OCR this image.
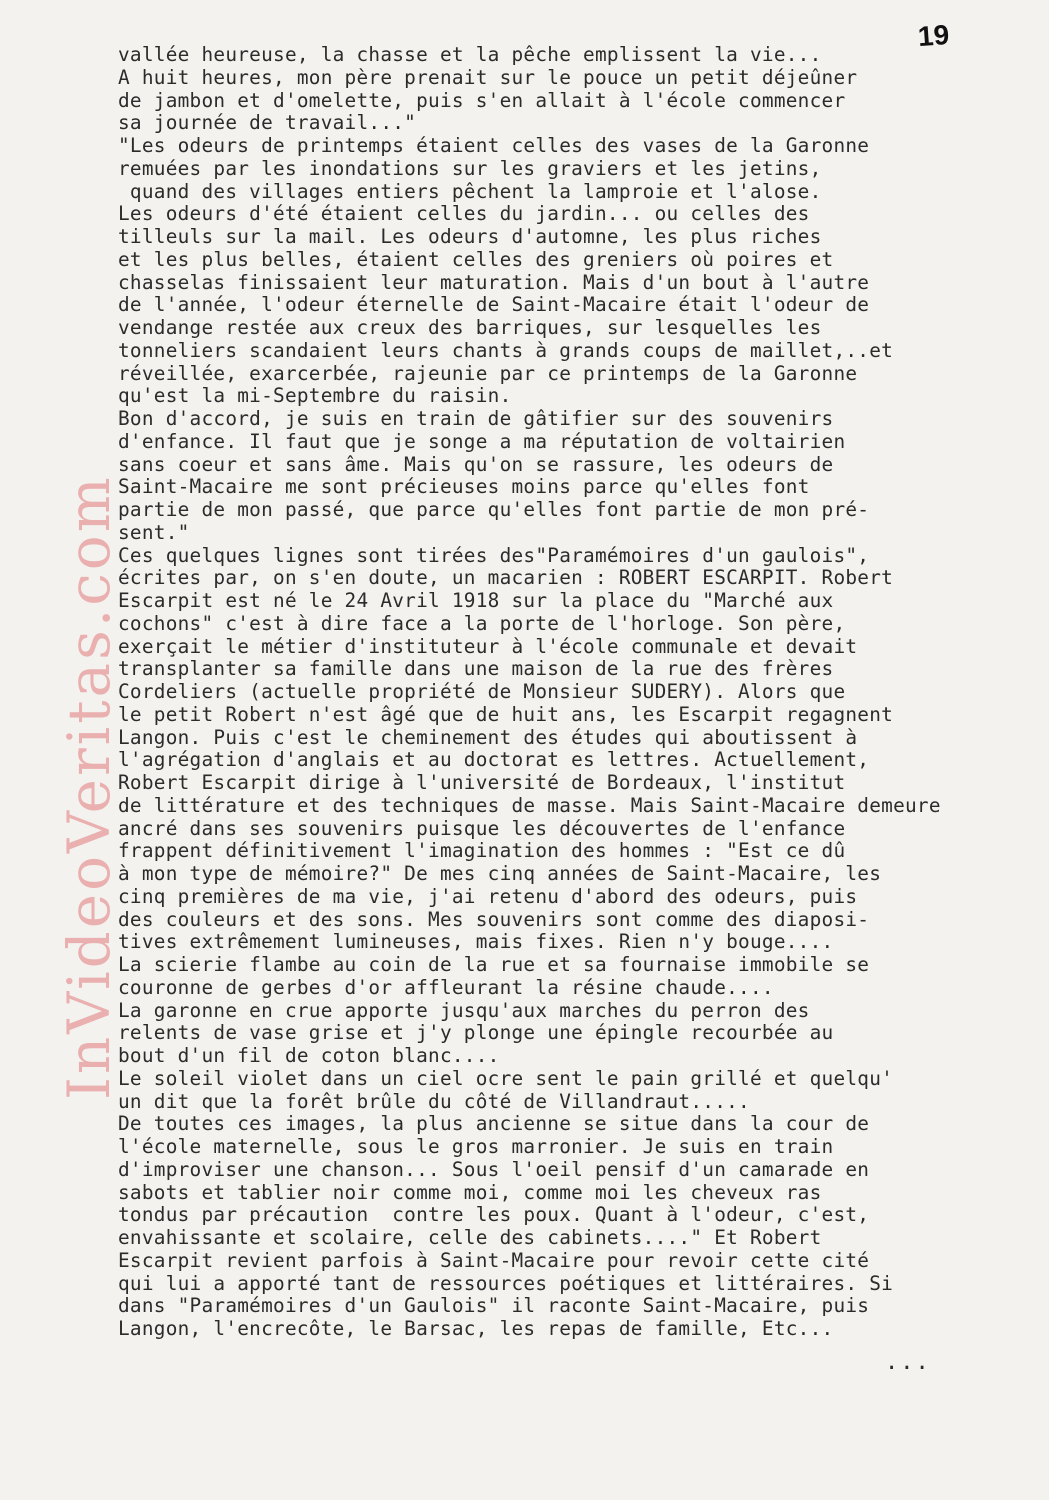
InVideoVeritas.com
19
vallée heureuse, la chasse et la pêche emplissent la vie...
A huit heures, mon père prenait sur le pouce un petit déjeûner
de jambon et d'omelette, puis s'en allait à l'école commencer
sa journée de travail..."
"Les odeurs de printemps étaient celles des vases de la Garonne
remuées par les inondations sur les graviers et les jetins,
quand des villages entiers pêchent la lamproie et l'alose.
Les odeurs d'été étaient celles du jardin... ou celles des
tilleuls sur la mail. Les odeurs d'automne, les plus riches
et les plus belles, étaient celles des greniers où poires et
chasselas finissaient leur maturation. Mais d'un bout à l'autre
de l'année, l'odeur éternelle de Saint-Macaire était l'odeur de
vendange restée aux creux des barriques, sur lesquelles les
tonneliers scandaient leurs chants à grands coups de maillet,..et
réveillée, exarcerbée, rajeunie par ce printemps de la Garonne
qu'est la mi-Septembre du raisin.
Bon d'accord, je suis en train de gâtifier sur des souvenirs
d'enfance. Il faut que je songe a ma réputation de voltairien
sans coeur et sans âme. Mais qu'on se rassure, les odeurs de
Saint-Macaire me sont précieuses moins parce qu'elles font
partie de mon passé, que parce qu'elles font partie de mon pré-
sent."
Ces quelques lignes sont tirées des"Paramémoires d'un gaulois",
écrites par, on s'en doute, un macarien : ROBERT ESCARPIT. Robert
Escarpit est né le 24 Avril 1918 sur la place du "Marché aux
cochons" c'est à dire face a la porte de l'horloge. Son père,
exerçait le métier d'instituteur à l'école communale et devait
transplanter sa famille dans une maison de la rue des frères
Cordeliers (actuelle propriété de Monsieur SUDERY). Alors que
le petit Robert n'est âgé que de huit ans, les Escarpit regagnent
Langon. Puis c'est le cheminement des études qui aboutissent à
l'agrégation d'anglais et au doctorat es lettres. Actuellement,
Robert Escarpit dirige à l'université de Bordeaux, l'institut
de littérature et des techniques de masse. Mais Saint-Macaire demeure
ancré dans ses souvenirs puisque les découvertes de l'enfance
frappent définitivement l'imagination des hommes : "Est ce dû
à mon type de mémoire?" De mes cinq années de Saint-Macaire, les
cinq premières de ma vie, j'ai retenu d'abord des odeurs, puis
des couleurs et des sons. Mes souvenirs sont comme des diaposi-
tives extrêmement lumineuses, mais fixes. Rien n'y bouge....
La scierie flambe au coin de la rue et sa fournaise immobile se
couronne de gerbes d'or affleurant la résine chaude....
La garonne en crue apporte jusqu'aux marches du perron des
relents de vase grise et j'y plonge une épingle recourbée au
bout d'un fil de coton blanc....
Le soleil violet dans un ciel ocre sent le pain grillé et quelqu'
un dit que la forêt brûle du côté de Villandraut.....
De toutes ces images, la plus ancienne se situe dans la cour de
l'école maternelle, sous le gros marronier. Je suis en train
d'improviser une chanson... Sous l'oeil pensif d'un camarade en
sabots et tablier noir comme moi, comme moi les cheveux ras
tondus par précaution  contre les poux. Quant à l'odeur, c'est,
envahissante et scolaire, celle des cabinets...." Et Robert
Escarpit revient parfois à Saint-Macaire pour revoir cette cité
qui lui a apporté tant de ressources poétiques et littéraires. Si
dans "Paramémoires d'un Gaulois" il raconte Saint-Macaire, puis
Langon, l'encrecôte, le Barsac, les repas de famille, Etc...
...
